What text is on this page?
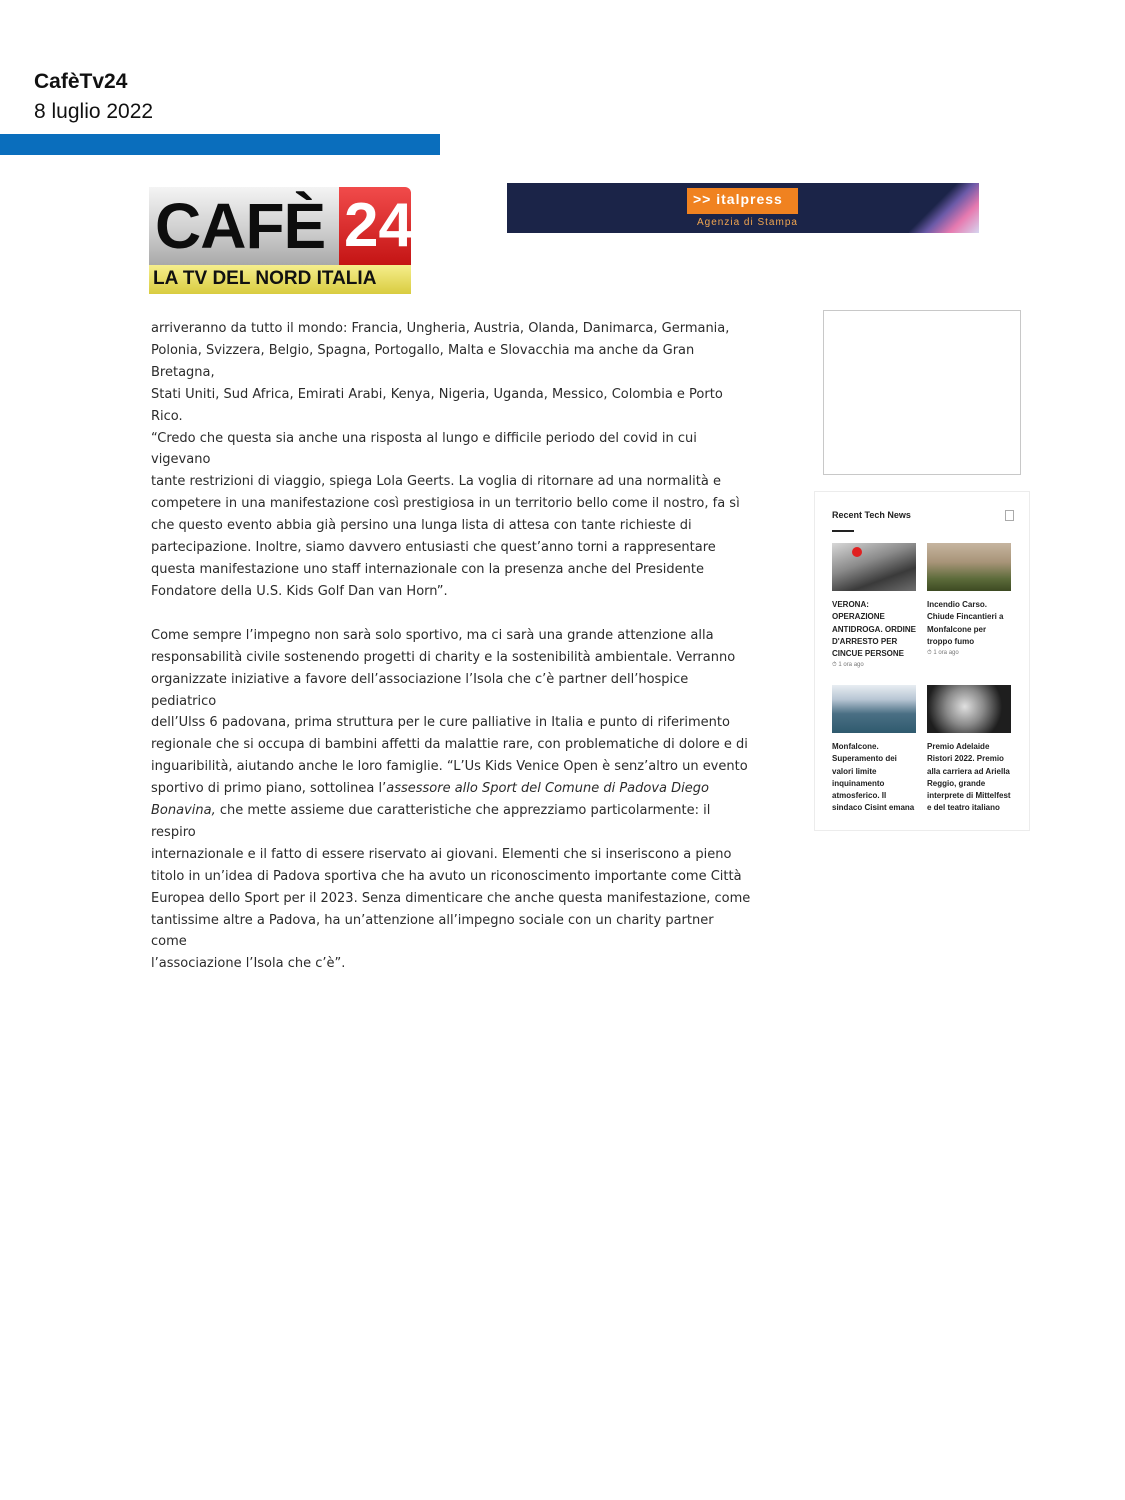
CafèTv24
8 luglio 2022
CAFÈ 24
LA TV DEL NORD ITALIA
>> italpress
Agenzia di Stampa

arriveranno da tutto il mondo: Francia, Ungheria, Austria, Olanda, Danimarca, Germania,

Polonia, Svizzera, Belgio, Spagna, Portogallo, Malta e Slovacchia ma anche da Gran Bretagna,

Stati Uniti, Sud Africa, Emirati Arabi, Kenya, Nigeria, Uganda, Messico, Colombia e Porto Rico.

“Credo che questa sia anche una risposta al lungo e difficile periodo del covid in cui vigevano

tante restrizioni di viaggio, spiega Lola Geerts. La voglia di ritornare ad una normalità e

competere in una manifestazione così prestigiosa in un territorio bello come il nostro, fa sì

che questo evento abbia già persino una lunga lista di attesa con tante richieste di

partecipazione. Inoltre, siamo davvero entusiasti che quest’anno torni a rappresentare

questa manifestazione uno staff internazionale con la presenza anche del Presidente

Fondatore della U.S. Kids Golf Dan van Horn”.

Come sempre l’impegno non sarà solo sportivo, ma ci sarà una grande attenzione alla

responsabilità civile sostenendo progetti di charity e la sostenibilità ambientale. Verranno

organizzate iniziative a favore dell’associazione l’Isola che c’è partner dell’hospice pediatrico

dell’Ulss 6 padovana, prima struttura per le cure palliative in Italia e punto di riferimento

regionale che si occupa di bambini affetti da malattie rare, con problematiche di dolore e di

inguaribilità, aiutando anche le loro famiglie. “L’Us Kids Venice Open è senz’altro un evento

sportivo di primo piano, sottolinea l’assessore allo Sport del Comune di Padova Diego

Bonavina, che mette assieme due caratteristiche che apprezziamo particolarmente: il respiro

internazionale e il fatto di essere riservato ai giovani. Elementi che si inseriscono a pieno

titolo in un’idea di Padova sportiva che ha avuto un riconoscimento importante come Città

Europea dello Sport per il 2023. Senza dimenticare che anche questa manifestazione, come

tantissime altre a Padova, ha un’attenzione all’impegno sociale con un charity partner come

l’associazione l’Isola che c’è”.

Recent Tech News
VERONA: OPERAZIONE ANTIDROGA. ORDINE D'ARRESTO PER CINCUE PERSONE
⏱ 1 ora ago
Incendio Carso. Chiude Fincantieri a Monfalcone per troppo fumo
⏱ 1 ora ago
Monfalcone. Superamento dei valori limite inquinamento atmosferico. Il sindaco Cisint emana
Premio Adelaide Ristori 2022. Premio alla carriera ad Ariella Reggio, grande interprete di Mittelfest e del teatro italiano
